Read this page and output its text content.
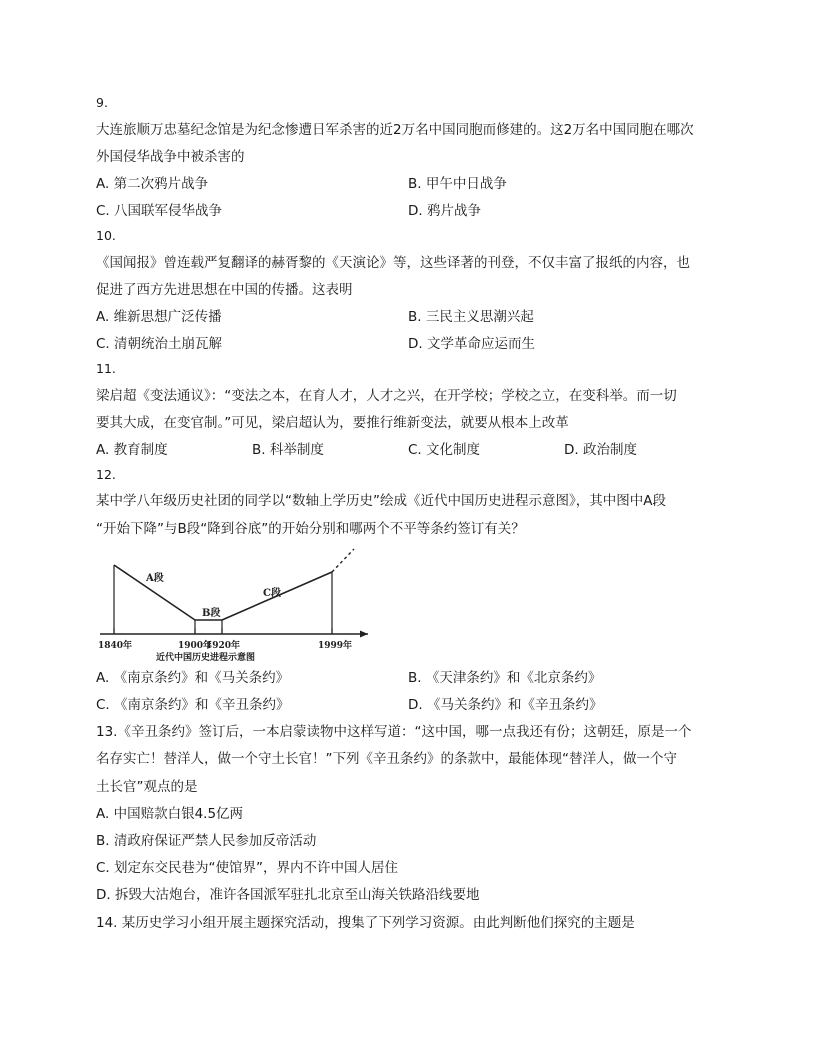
9.
大连旅顺万忠墓纪念馆是为纪念惨遭日军杀害的近2万名中国同胞而修建的。这2万名中国同胞在哪次
外国侵华战争中被杀害的
A. 第二次鸦片战争	B. 甲午中日战争
C. 八国联军侵华战争	D. 鸦片战争
10.
《国闻报》曾连载严复翻译的赫胥黎的《天演论》等，这些译著的刊登，不仅丰富了报纸的内容，也
促进了西方先进思想在中国的传播。这表明
A. 维新思想广泛传播	B. 三民主义思潮兴起
C. 清朝统治土崩瓦解	D. 文学革命应运而生
11.
梁启超《变法通议》：“变法之本，在育人才，人才之兴，在开学校；学校之立，在变科举。而一切
要其大成，在变官制。”可见，梁启超认为，要推行维新变法，就要从根本上改革
A. 教育制度	B. 科举制度	C. 文化制度	D. 政治制度
12.
某中学八年级历史社团的同学以“数轴上学历史”绘成《近代中国历史进程示意图》，其中图中A段
“开始下降”与B段“降到谷底”的开始分别和哪两个不平等条约签订有关？
A段
B段
C段
1840年	1900年
1920年	1999年
近代中国历史进程示意图
A. 《南京条约》和《马关条约》	B. 《天津条约》和《北京条约》
C. 《南京条约》和《辛丑条约》	D. 《马关条约》和《辛丑条约》
13.《辛丑条约》签订后，一本启蒙读物中这样写道：“这中国，哪一点我还有份；这朝廷，原是一个
名存实亡！替洋人，做一个守土长官！”下列《辛丑条约》的条款中，最能体现“替洋人，做一个守
土长官”观点的是
A. 中国赔款白银4.5亿两
B. 清政府保证严禁人民参加反帝活动
C. 划定东交民巷为“使馆界”，界内不许中国人居住
D. 拆毁大沽炮台，准许各国派军驻扎北京至山海关铁路沿线要地
14. 某历史学习小组开展主题探究活动，搜集了下列学习资源。由此判断他们探究的主题是
